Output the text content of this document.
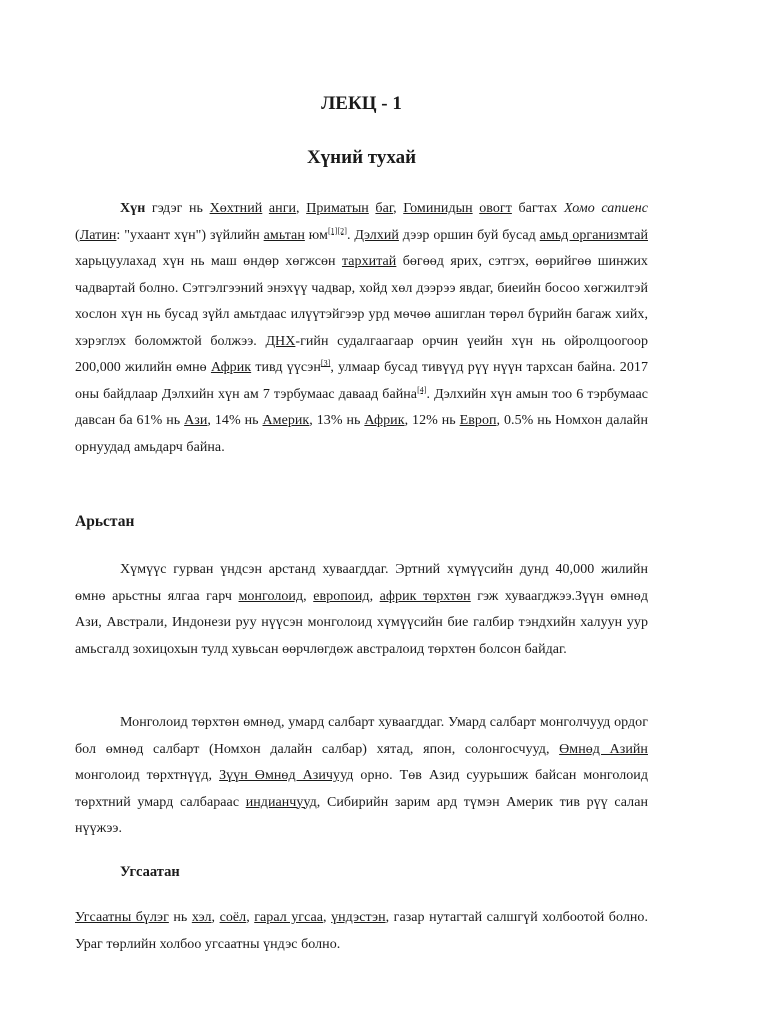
ЛЕКЦ - 1
Хүний тухай

Хүн гэдэг нь Хөхтний анги, Приматын баг, Гоминидын овогт багтах Хомо сапиенс (Латин: "ухаант хүн") зүйлийн амьтан юм[1][2]. Дэлхий дээр оршин буй бусад амьд организмтай харьцуулахад хүн нь маш өндөр хөгжсөн тархитай бөгөөд ярих, сэтгэх, өөрийгөө шинжих чадвартай болно. Сэтгэлгээний энэхүү чадвар, хойд хөл дээрээ явдаг, биеийн босоо хөгжилтэй хослон хүн нь бусад зүйл амьтдаас илүүтэйгээр урд мөчөө ашиглан төрөл бүрийн багаж хийх, хэрэглэх боломжтой болжээ. ДНХ-гийн судалгаагаар орчин үеийн хүн нь ойролцоогоор 200,000 жилийн өмнө Африк тивд үүсэн[3], улмаар бусад тивүүд рүү нүүн тархсан байна. 2017 оны байдлаар Дэлхийн хүн ам 7 тэрбумаас даваад байна[4]. Дэлхийн хүн амын тоо 6 тэрбумаас давсан ба 61% нь Ази, 14% нь Америк, 13% нь Африк, 12% нь Европ, 0.5% нь Номхон далайн орнуудад амьдарч байна.

Арьстан

Хүмүүс гурван үндсэн арстанд хуваагддаг. Эртний хүмүүсийн дунд 40,000 жилийн өмнө арьстны ялгаа гарч монголоид, европоид, африк төрхтөн гэж хуваагджээ.Зүүн өмнөд Ази, Австрали, Индонези руу нүүсэн монголоид хүмүүсийн бие галбир тэндхийн халуун уур амьсгалд зохицохын тулд хувьсан өөрчлөгдөж австралоид төрхтөн болсон байдаг.

Монголоид төрхтөн өмнөд, умард салбарт хуваагддаг. Умард салбарт монголчууд ордог бол өмнөд салбарт (Номхон далайн салбар) хятад, япон, солонгосчууд, Өмнөд Азийн монголоид төрхтнүүд, Зүүн Өмнөд Азичууд орно. Төв Азид суурьшиж байсан монголоид төрхтний умард салбараас индианчууд, Сибирийн зарим ард түмэн Америк тив рүү салан нүүжээ.

Угсаатан

Угсаатны бүлэг нь хэл, соёл, гарал угсаа, үндэстэн, газар нутагтай салшгүй холбоотой болно. Ураг төрлийн холбоо угсаатны үндэс болно.
